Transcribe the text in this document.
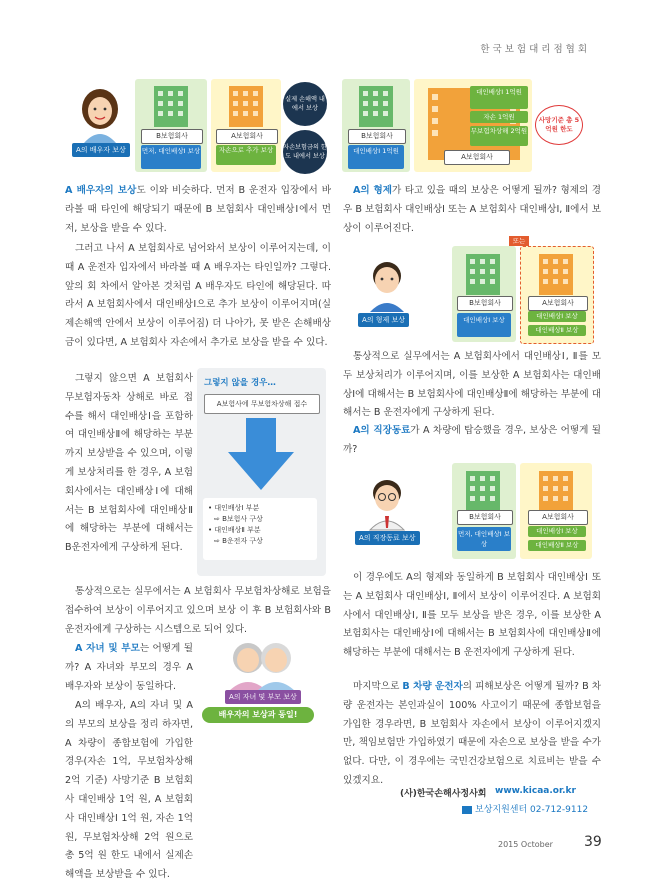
한국보험대리점협회
A의 배우자 보상
B보험회사
먼저, 대인배상Ⅰ 보상
A보험회사
자손으로 추가 보상
실제 손해액 내에서 보상
자손보험금의 한도 내에서 보상
B보험회사
대인배상Ⅰ 1억원
대인배상Ⅰ 1억원
자손 1억원
무보험차상해 2억원
A보험회사
사망기준 총 5억원 한도

A 배우자의 보상도 이와 비슷하다. 먼저 B 운전자 입장에서 바라볼 때 타인에 해당되기 때문에 B 보험회사 대인배상Ⅰ에서 먼저, 보상을 받을 수 있다.

그러고 나서 A 보험회사로 넘어와서 보상이 이루어지는데, 이 때 A 운전자 입자에서 바라볼 때 A 배우자는 타인일까? 그렇다. 앞의 회 차에서 알아본 것처럼 A 배우자도 타인에 해당된다. 따라서 A 보험회사에서 대인배상Ⅰ으로 추가 보상이 이루어지며(실제손해액 안에서 보상이 이루어짐) 더 나아가, 못 받은 손해배상금이 있다면, A 보험회사 자손에서 추가로 보상을 받을 수 있다.

그렇지 않으면 A 보험회사 무보험자동차 상해로 바로 접수를 해서 대인배상Ⅰ을 포함하여 대인배상Ⅱ에 해당하는 부분까지 보상받을 수 있으며, 이렇게 보상처리를 한 경우, A 보험회사에서는 대인배상Ⅰ에 대해서는 B 보험회사에 대인배상Ⅱ에 해당하는 부분에 대해서는 B운전자에게 구상하게 된다.

그렇지 않을 경우…
A보험사에 무보험차상해 접수
• 대인배상Ⅰ 부분
⇨ B보험사 구상
• 대인배상Ⅱ 부분
⇨ B운전자 구상

통상적으로는 실무에서는 A 보험회사 무보험차상해로 보험을 접수하여 보상이 이루어지고 있으며 보상 이 후 B 보험회사와 B 운전자에게 구상하는 시스템으로 되어 있다.

A 자녀 및 부모는 어떻게 될까? A 자녀와 부모의 경우 A 배우자와 보상이 동일하다.

A의 자녀 및 부모 보상
배우자의 보상과 동일!

A의 배우자, A의 자녀 및 A의 부모의 보상을 정리 하자면, A 차량이 종합보험에 가입한 경우(자손 1억, 무보험차상해 2억 기준) 사망기준 B 보험회사 대인배상 1억 원, A 보험회사 대인배상Ⅰ 1억 원, 자손 1억 원, 무보험차상해 2억 원으로 총 5억 원 한도 내에서 실제손해액을 보상받을 수 있다.

A의 형제가 타고 있을 때의 보상은 어떻게 될까? 형제의 경우 B 보험회사 대인배상Ⅰ 또는 A 보험회사 대인배상Ⅰ, Ⅱ에서 보상이 이루어진다.

A의 형제 보상
B보험회사
대인배상Ⅰ 보상
또는
A보험회사
대인배상Ⅰ 보상
대인배상Ⅱ 보상

통상적으로 실무에서는 A 보험회사에서 대인배상Ⅰ, Ⅱ를 모두 보상처리가 이루어지며, 이를 보상한 A 보험회사는 대인배상Ⅰ에 대해서는 B 보험회사에 대인배상Ⅱ에 해당하는 부분에 대해서는 B 운전자에게 구상하게 된다.

A의 직장동료가 A 차량에 탑승했을 경우, 보상은 어떻게 될까?

A의 직장동료 보상
B보험회사
먼저, 대인배상Ⅰ 보상
A보험회사
대인배상Ⅰ 보상
대인배상Ⅱ 보상

이 경우에도 A의 형제와 동일하게 B 보험회사 대인배상Ⅰ 또는 A 보험회사 대인배상Ⅰ, Ⅱ에서 보상이 이루어진다. A 보험회사에서 대인배상Ⅰ, Ⅱ를 모두 보상을 받은 경우, 이를 보상한 A 보험회사는 대인배상Ⅰ에 대해서는 B 보험회사에 대인배상Ⅱ에 해당하는 부분에 대해서는 B 운전자에게 구상하게 된다.

마지막으로 B 차량 운전자의 피해보상은 어떻게 될까? B 차량 운전자는 본인과실이 100% 사고이기 때문에 종합보험을 가입한 경우라면, B 보험회사 자손에서 보상이 이루어지겠지만, 책임보험만 가입하였기 때문에 자손으로 보상을 받을 수가 없다. 다만, 이 경우에는 국민건강보험으로 치료비는 받을 수 있겠지요.

(사)한국손해사정사회 www.kicaa.or.kr
보상지원센터 02-712-9112
2015 October 39
